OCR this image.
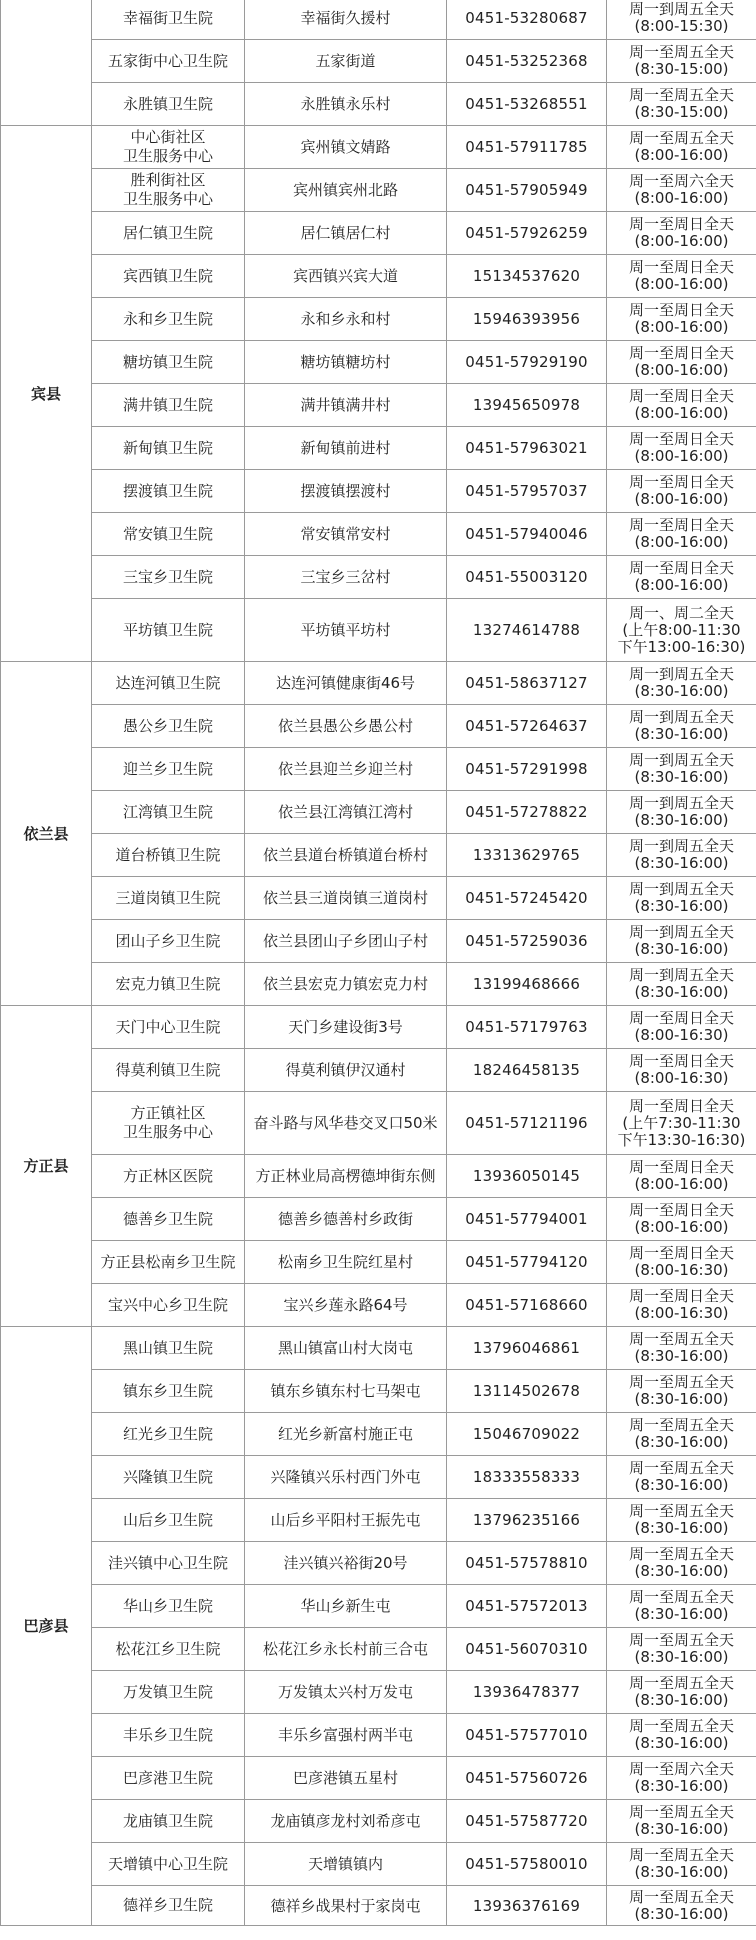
	幸福街卫生院	幸福街久援村	0451-53280687	周一到周五全天
(8:00-15:30)

	五家街中心卫生院	五家街道	0451-53252368	周一至周五全天
(8:30-15:00)

	永胜镇卫生院	永胜镇永乐村	0451-53268551	周一至周五全天
(8:30-15:00)

宾县	中心街社区
卫生服务中心	宾州镇文婧路	0451-57911785	周一至周五全天
(8:00-16:00)

	胜利街社区
卫生服务中心	宾州镇宾州北路	0451-57905949	周一至周六全天
(8:00-16:00)

	居仁镇卫生院	居仁镇居仁村	0451-57926259	周一至周日全天
(8:00-16:00)

	宾西镇卫生院	宾西镇兴宾大道	15134537620	周一至周日全天
(8:00-16:00)

	永和乡卫生院	永和乡永和村	15946393956	周一至周日全天
(8:00-16:00)

	糖坊镇卫生院	糖坊镇糖坊村	0451-57929190	周一至周日全天
(8:00-16:00)

	满井镇卫生院	满井镇满井村	13945650978	周一至周日全天
(8:00-16:00)

	新甸镇卫生院	新甸镇前进村	0451-57963021	周一至周日全天
(8:00-16:00)

	摆渡镇卫生院	摆渡镇摆渡村	0451-57957037	周一至周日全天
(8:00-16:00)

	常安镇卫生院	常安镇常安村	0451-57940046	周一至周日全天
(8:00-16:00)

	三宝乡卫生院	三宝乡三岔村	0451-55003120	周一至周日全天
(8:00-16:00)

	平坊镇卫生院	平坊镇平坊村	13274614788	周一、周二全天
(上午8:00-11:30
下午13:00-16:30)

依兰县	达连河镇卫生院	达连河镇健康街46号	0451-58637127	周一到周五全天
(8:30-16:00)

	愚公乡卫生院	依兰县愚公乡愚公村	0451-57264637	周一到周五全天
(8:30-16:00)

	迎兰乡卫生院	依兰县迎兰乡迎兰村	0451-57291998	周一到周五全天
(8:30-16:00)

	江湾镇卫生院	依兰县江湾镇江湾村	0451-57278822	周一到周五全天
(8:30-16:00)

	道台桥镇卫生院	依兰县道台桥镇道台桥村	13313629765	周一到周五全天
(8:30-16:00)

	三道岗镇卫生院	依兰县三道岗镇三道岗村	0451-57245420	周一到周五全天
(8:30-16:00)

	团山子乡卫生院	依兰县团山子乡团山子村	0451-57259036	周一到周五全天
(8:30-16:00)

	宏克力镇卫生院	依兰县宏克力镇宏克力村	13199468666	周一到周五全天
(8:30-16:00)

方正县	天门中心卫生院	天门乡建设街3号	0451-57179763	周一至周日全天
(8:00-16:30)

	得莫利镇卫生院	得莫利镇伊汉通村	18246458135	周一至周日全天
(8:00-16:30)

	方正镇社区
卫生服务中心	奋斗路与风华巷交叉口50米	0451-57121196	周一至周日全天
(上午7:30-11:30
下午13:30-16:30)

	方正林区医院	方正林业局高楞德坤街东侧	13936050145	周一至周日全天
(8:00-16:00)

	德善乡卫生院	德善乡德善村乡政街	0451-57794001	周一至周日全天
(8:00-16:00)

	方正县松南乡卫生院	松南乡卫生院红星村	0451-57794120	周一至周日全天
(8:00-16:30)

	宝兴中心乡卫生院	宝兴乡莲永路64号	0451-57168660	周一至周日全天
(8:00-16:30)

巴彦县	黑山镇卫生院	黑山镇富山村大岗屯	13796046861	周一至周五全天
(8:30-16:00)

	镇东乡卫生院	镇东乡镇东村七马架屯	13114502678	周一至周五全天
(8:30-16:00)

	红光乡卫生院	红光乡新富村施正屯	15046709022	周一至周五全天
(8:30-16:00)

	兴隆镇卫生院	兴隆镇兴乐村西门外屯	18333558333	周一至周五全天
(8:30-16:00)

	山后乡卫生院	山后乡平阳村王振先屯	13796235166	周一至周五全天
(8:30-16:00)

	洼兴镇中心卫生院	洼兴镇兴裕街20号	0451-57578810	周一至周五全天
(8:30-16:00)

	华山乡卫生院	华山乡新生屯	0451-57572013	周一至周五全天
(8:30-16:00)

	松花江乡卫生院	松花江乡永长村前三合屯	0451-56070310	周一至周五全天
(8:30-16:00)

	万发镇卫生院	万发镇太兴村万发屯	13936478377	周一至周五全天
(8:30-16:00)

	丰乐乡卫生院	丰乐乡富强村两半屯	0451-57577010	周一至周五全天
(8:30-16:00)

	巴彦港卫生院	巴彦港镇五星村	0451-57560726	周一至周六全天
(8:30-16:00)

	龙庙镇卫生院	龙庙镇彦龙村刘希彦屯	0451-57587720	周一至周五全天
(8:30-16:00)

	天增镇中心卫生院	天增镇镇内	0451-57580010	周一至周五全天
(8:30-16:00)

	德祥乡卫生院	德祥乡战果村于家岗屯	13936376169	周一至周五全天
(8:30-16:00)
